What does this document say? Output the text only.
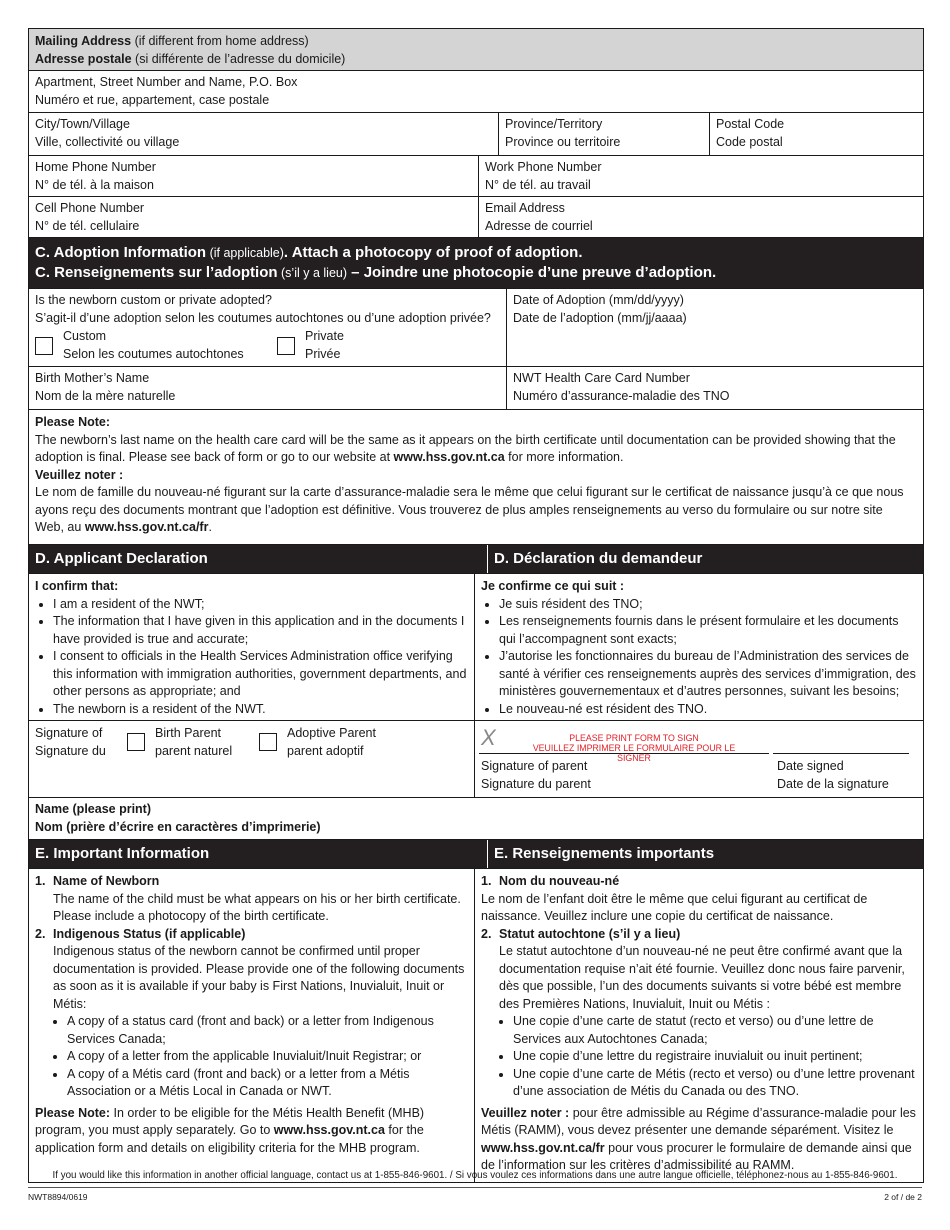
Mailing Address (if different from home address)
Adresse postale (si différente de l’adresse du domicile)
Apartment, Street Number and Name, P.O. Box
Numéro et rue, appartement, case postale
City/Town/Village
Ville, collectivité ou village
Province/Territory
Province ou territoire
Postal Code
Code postal
Home Phone Number
N° de tél. à la maison
Work Phone Number
N° de tél. au travail
Cell Phone Number
N° de tél. cellulaire
Email Address
Adresse de courriel
C. Adoption Information (if applicable). Attach a photocopy of proof of adoption.
C. Renseignements sur l’adoption (s’il y a lieu) – Joindre une photocopie d’une preuve d’adoption.
Is the newborn custom or private adopted?
S’agit-il d’une adoption selon les coutumes autochtones ou d’une adoption privée?
Custom
Selon les coutumes autochtones
Private
Privée
Date of Adoption (mm/dd/yyyy)
Date de l’adoption (mm/jj/aaaa)
Birth Mother’s Name
Nom de la mère naturelle
NWT Health Care Card Number
Numéro d’assurance-maladie des TNO
Please Note:
The newborn’s last name on the health care card will be the same as it appears on the birth certificate until documentation can be provided showing that the adoption is final. Please see back of form or go to our website at www.hss.gov.nt.ca for more information.
Veuillez noter :
Le nom de famille du nouveau-né figurant sur la carte d’assurance-maladie sera le même que celui figurant sur le certificat de naissance jusqu’à ce que nous ayons reçu des documents montrant que l’adoption est définitive. Vous trouverez de plus amples renseignements au verso du formulaire ou sur notre site Web, au www.hss.gov.nt.ca/fr.
D. Applicant Declaration	D. Déclaration du demandeur
I confirm that:
• I am a resident of the NWT;
• The information that I have given in this application and in the documents I have provided is true and accurate;
• I consent to officials in the Health Services Administration office verifying this information with immigration authorities, government departments, and other persons as appropriate; and
• The newborn is a resident of the NWT.
Je confirme ce qui suit :
• Je suis résident des TNO;
• Les renseignements fournis dans le présent formulaire et les documents qui l’accompagnent sont exacts;
• J’autorise les fonctionnaires du bureau de l’Administration des services de santé à vérifier ces renseignements auprès des services d’immigration, des ministères gouvernementaux et d’autres personnes, suivant les besoins;
• Le nouveau-né est résident des TNO.
Signature of
Signature du
Birth Parent
parent naturel
Adoptive Parent
parent adoptif
X	PLEASE PRINT FORM TO SIGN
VEUILLEZ IMPRIMER LE FORMULAIRE POUR LE SIGNER
Signature of parent
Signature du parent
Date signed
Date de la signature
Name (please print)
Nom (prière d’écrire en caractères d’imprimerie)
E. Important Information	E. Renseignements importants
1. Name of Newborn
The name of the child must be what appears on his or her birth certificate. Please include a photocopy of the birth certificate.
2. Indigenous Status (if applicable)
Indigenous status of the newborn cannot be confirmed until proper documentation is provided. Please provide one of the following documents as soon as it is available if your baby is First Nations, Inuvialuit, Inuit or Métis:
• A copy of a status card (front and back) or a letter from Indigenous Services Canada;
• A copy of a letter from the applicable Inuvialuit/Inuit Registrar; or
• A copy of a Métis card (front and back) or a letter from a Métis Association or a Métis Local in Canada or NWT.
Please Note: In order to be eligible for the Métis Health Benefit (MHB) program, you must apply separately. Go to www.hss.gov.nt.ca for the application form and details on eligibility criteria for the MHB program.
1. Nom du nouveau-né
Le nom de l’enfant doit être le même que celui figurant au certificat de naissance. Veuillez inclure une copie du certificat de naissance.
2. Statut autochtone (s’il y a lieu)
Le statut autochtone d’un nouveau-né ne peut être confirmé avant que la documentation requise n’ait été fournie. Veuillez donc nous faire parvenir, dès que possible, l’un des documents suivants si votre bébé est membre des Premières Nations, Inuvialuit, Inuit ou Métis :
• Une copie d’une carte de statut (recto et verso) ou d’une lettre de Services aux Autochtones Canada;
• Une copie d’une lettre du registraire inuvialuit ou inuit pertinent;
• Une copie d’une carte de Métis (recto et verso) ou d’une lettre provenant d’une association de Métis du Canada ou des TNO.
Veuillez noter : pour être admissible au Régime d’assurance-maladie pour les Métis (RAMM), vous devez présenter une demande séparément. Visitez le www.hss.gov.nt.ca/fr pour vous procurer le formulaire de demande ainsi que de l’information sur les critères d’admissibilité au RAMM.
If you would like this information in another official language, contact us at 1-855-846-9601. / Si vous voulez ces informations dans une autre langue officielle, téléphonez-nous au 1-855-846-9601.
NWT8894/0619	2 of / de 2
